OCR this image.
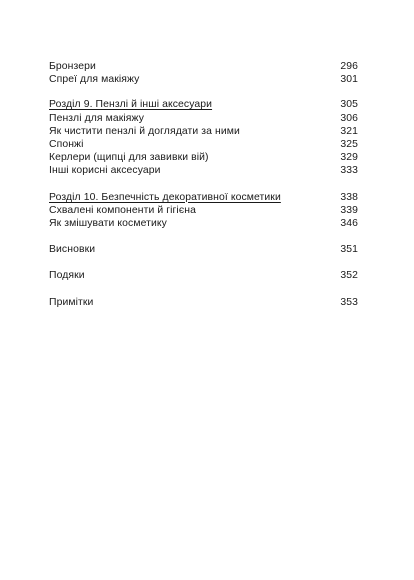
Бронзери	296
Спреї для макіяжу	301
Розділ 9. Пензлі й інші аксесуари	305
Пензлі для макіяжу	306
Як чистити пензлі й доглядати за ними	321
Спонжі	325
Керлери (щипці для завивки вій)	329
Інші корисні аксесуари	333
Розділ 10. Безпечність декоративної косметики	338
Схвалені компоненти й гігієна	339
Як змішувати косметику	346
Висновки	351
Подяки	352
Примітки	353
